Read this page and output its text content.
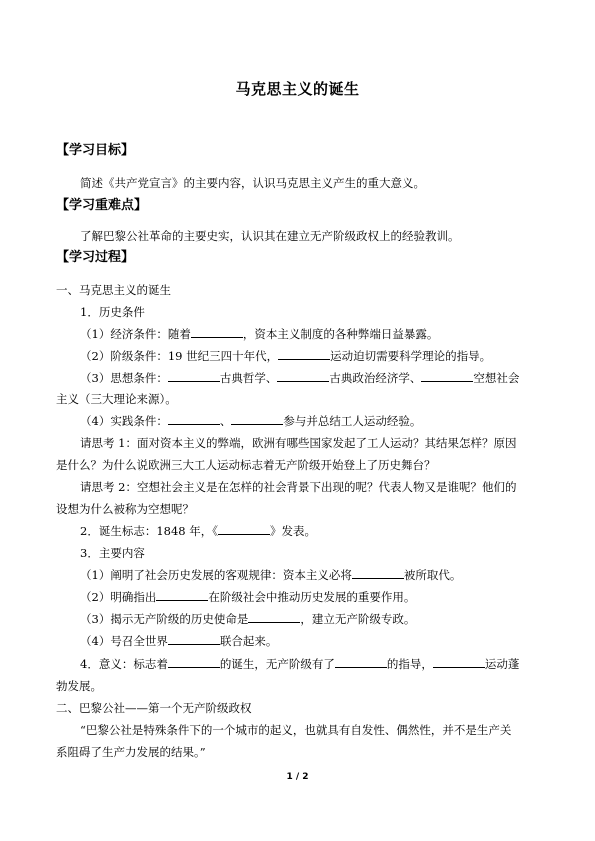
马克思主义的诞生
【学习目标】
简述《共产党宣言》的主要内容，认识马克思主义产生的重大意义。
【学习重难点】
了解巴黎公社革命的主要史实，认识其在建立无产阶级政权上的经验教训。
【学习过程】
一、马克思主义的诞生
1．历史条件
（1）经济条件：随着	，资本主义制度的各种弊端日益暴露。
（2）阶级条件：19 世纪三四十年代，	运动迫切需要科学理论的指导。
（3）思想条件：	古典哲学、	古典政治经济学、	空想社会
主义（三大理论来源）。
（4）实践条件：	、	参与并总结工人运动经验。
请思考 1：面对资本主义的弊端，欧洲有哪些国家发起了工人运动？其结果怎样？原因
是什么？为什么说欧洲三大工人运动标志着无产阶级开始登上了历史舞台？
请思考 2：空想社会主义是在怎样的社会背景下出现的呢？代表人物又是谁呢？他们的
设想为什么被称为空想呢？
2．诞生标志：1848 年，《	》发表。
3．主要内容
（1）阐明了社会历史发展的客观规律：资本主义必将	被所取代。
（2）明确指出	在阶级社会中推动历史发展的重要作用。
（3）揭示无产阶级的历史使命是	，建立无产阶级专政。
（4）号召全世界	联合起来。
4．意义：标志着	的诞生，无产阶级有了	的指导，	运动蓬
勃发展。
二、巴黎公社——第一个无产阶级政权
“巴黎公社是特殊条件下的一个城市的起义，也就具有自发性、偶然性，并不是生产关
系阻碍了生产力发展的结果。”
1 / 2
